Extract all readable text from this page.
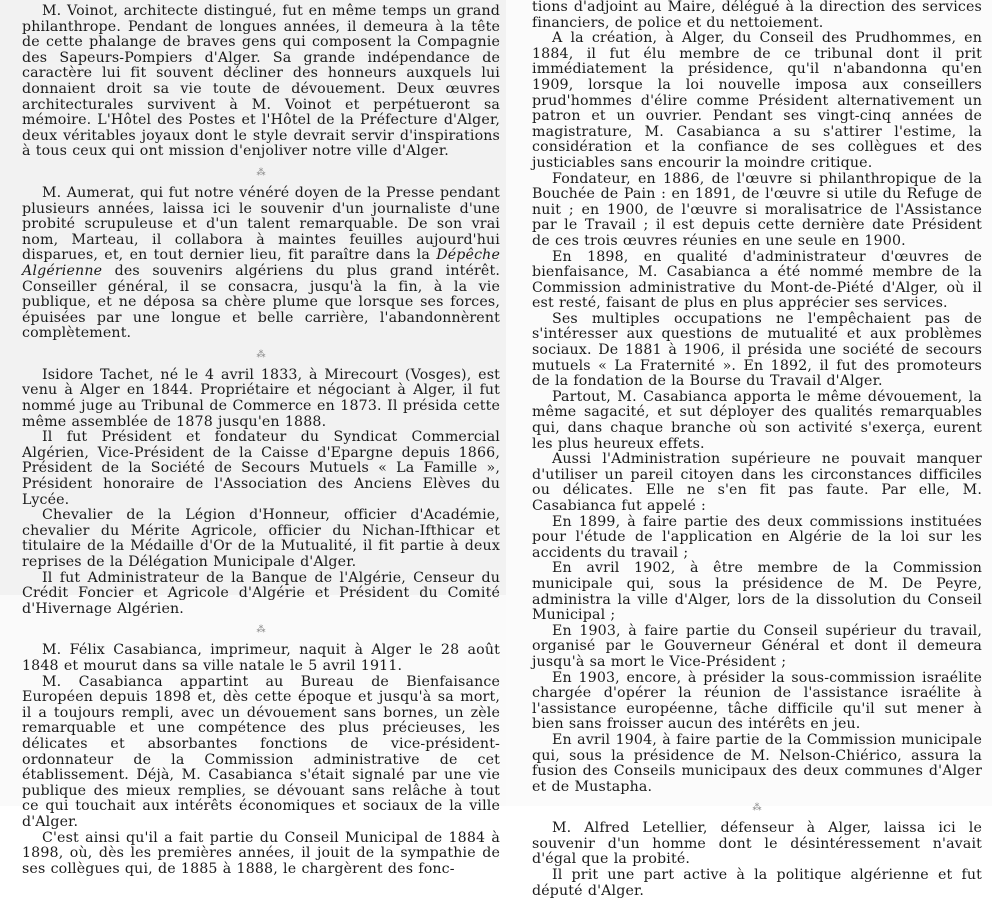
M. Voinot, architecte distingué, fut en même temps un grand philanthrope. Pendant de longues années, il demeura à la tête de cette phalange de braves gens qui composent la Compagnie des Sapeurs-Pompiers d'Alger. Sa grande indépendance de caractère lui fit souvent décliner des honneurs auxquels lui donnaient droit sa vie toute de dévouement. Deux œuvres architecturales survivent à M. Voinot et perpétueront sa mémoire. L'Hôtel des Postes et l'Hôtel de la Préfecture d'Alger, deux véritables joyaux dont le style devrait servir d'inspirations à tous ceux qui ont mission d'enjoliver notre ville d'Alger.

⁂

M. Aumerat, qui fut notre vénéré doyen de la Presse pendant plusieurs années, laissa ici le souvenir d'un journaliste d'une probité scrupuleuse et d'un talent remarquable. De son vrai nom, Marteau, il collabora à maintes feuilles aujourd'hui disparues, et, en tout dernier lieu, fit paraître dans la Dépêche Algérienne des souvenirs algériens du plus grand intérêt. Conseiller général, il se consacra, jusqu'à la fin, à la vie publique, et ne déposa sa chère plume que lorsque ses forces, épuisées par une longue et belle carrière, l'abandonnèrent complètement.

⁂

Isidore Tachet, né le 4 avril 1833, à Mirecourt (Vosges), est venu à Alger en 1844. Propriétaire et négociant à Alger, il fut nommé juge au Tribunal de Commerce en 1873. Il présida cette même assemblée de 1878 jusqu'en 1888.

Il fut Président et fondateur du Syndicat Commercial Algérien, Vice-Président de la Caisse d'Epargne depuis 1866, Président de la Société de Secours Mutuels « La Famille », Président honoraire de l'Association des Anciens Elèves du Lycée.

Chevalier de la Légion d'Honneur, officier d'Académie, chevalier du Mérite Agricole, officier du Nichan-Ifthicar et titulaire de la Médaille d'Or de la Mutualité, il fit partie à deux reprises de la Délégation Municipale d'Alger.

Il fut Administrateur de la Banque de l'Algérie, Censeur du Crédit Foncier et Agricole d'Algérie et Président du Comité d'Hivernage Algérien.

⁂

M. Félix Casabianca, imprimeur, naquit à Alger le 28 août 1848 et mourut dans sa ville natale le 5 avril 1911.

M. Casabianca appartint au Bureau de Bienfaisance Européen depuis 1898 et, dès cette époque et jusqu'à sa mort, il a toujours rempli, avec un dévouement sans bornes, un zèle remarquable et une compétence des plus précieuses, les délicates et absorbantes fonctions de vice-président-ordonnateur de la Commission administrative de cet établissement. Déjà, M. Casabianca s'était signalé par une vie publique des mieux remplies, se dévouant sans relâche à tout ce qui touchait aux intérêts économiques et sociaux de la ville d'Alger.

C'est ainsi qu'il a fait partie du Conseil Municipal de 1884 à 1898, où, dès les premières années, il jouit de la sympathie de ses collègues qui, de 1885 à 1888, le chargèrent des fonc-

tions d'adjoint au Maire, délégué à la direction des services financiers, de police et du nettoiement.

A la création, à Alger, du Conseil des Prudhommes, en 1884, il fut élu membre de ce tribunal dont il prit immédiatement la présidence, qu'il n'abandonna qu'en 1909, lorsque la loi nouvelle imposa aux conseillers prud'hommes d'élire comme Président alternativement un patron et un ouvrier. Pendant ses vingt-cinq années de magistrature, M. Casabianca a su s'attirer l'estime, la considération et la confiance de ses collègues et des justiciables sans encourir la moindre critique.

Fondateur, en 1886, de l'œuvre si philanthropique de la Bouchée de Pain : en 1891, de l'œuvre si utile du Refuge de nuit ; en 1900, de l'œuvre si moralisatrice de l'Assistance par le Travail ; il est depuis cette dernière date Président de ces trois œuvres réunies en une seule en 1900.

En 1898, en qualité d'administrateur d'œuvres de bienfaisance, M. Casabianca a été nommé membre de la Commission administrative du Mont-de-Piété d'Alger, où il est resté, faisant de plus en plus apprécier ses services.

Ses multiples occupations ne l'empêchaient pas de s'intéresser aux questions de mutualité et aux problèmes sociaux. De 1881 à 1906, il présida une société de secours mutuels « La Fraternité ». En 1892, il fut des promoteurs de la fondation de la Bourse du Travail d'Alger.

Partout, M. Casabianca apporta le même dévouement, la même sagacité, et sut déployer des qualités remarquables qui, dans chaque branche où son activité s'exerça, eurent les plus heureux effets.

Aussi l'Administration supérieure ne pouvait manquer d'utiliser un pareil citoyen dans les circonstances difficiles ou délicates. Elle ne s'en fit pas faute. Par elle, M. Casabianca fut appelé :

En 1899, à faire partie des deux commissions instituées pour l'étude de l'application en Algérie de la loi sur les accidents du travail ;

En avril 1902, à être membre de la Commission municipale qui, sous la présidence de M. De Peyre, administra la ville d'Alger, lors de la dissolution du Conseil Municipal ;

En 1903, à faire partie du Conseil supérieur du travail, organisé par le Gouverneur Général et dont il demeura jusqu'à sa mort le Vice-Président ;

En 1903, encore, à présider la sous-commission israélite chargée d'opérer la réunion de l'assistance israélite à l'assistance européenne, tâche difficile qu'il sut mener à bien sans froisser aucun des intérêts en jeu.

En avril 1904, à faire partie de la Commission municipale qui, sous la présidence de M. Nelson-Chiérico, assura la fusion des Conseils municipaux des deux communes d'Alger et de Mustapha.

⁂

M. Alfred Letellier, défenseur à Alger, laissa ici le souvenir d'un homme dont le désintéressement n'avait d'égal que la probité.

Il prit une part active à la politique algérienne et fut député d'Alger.
